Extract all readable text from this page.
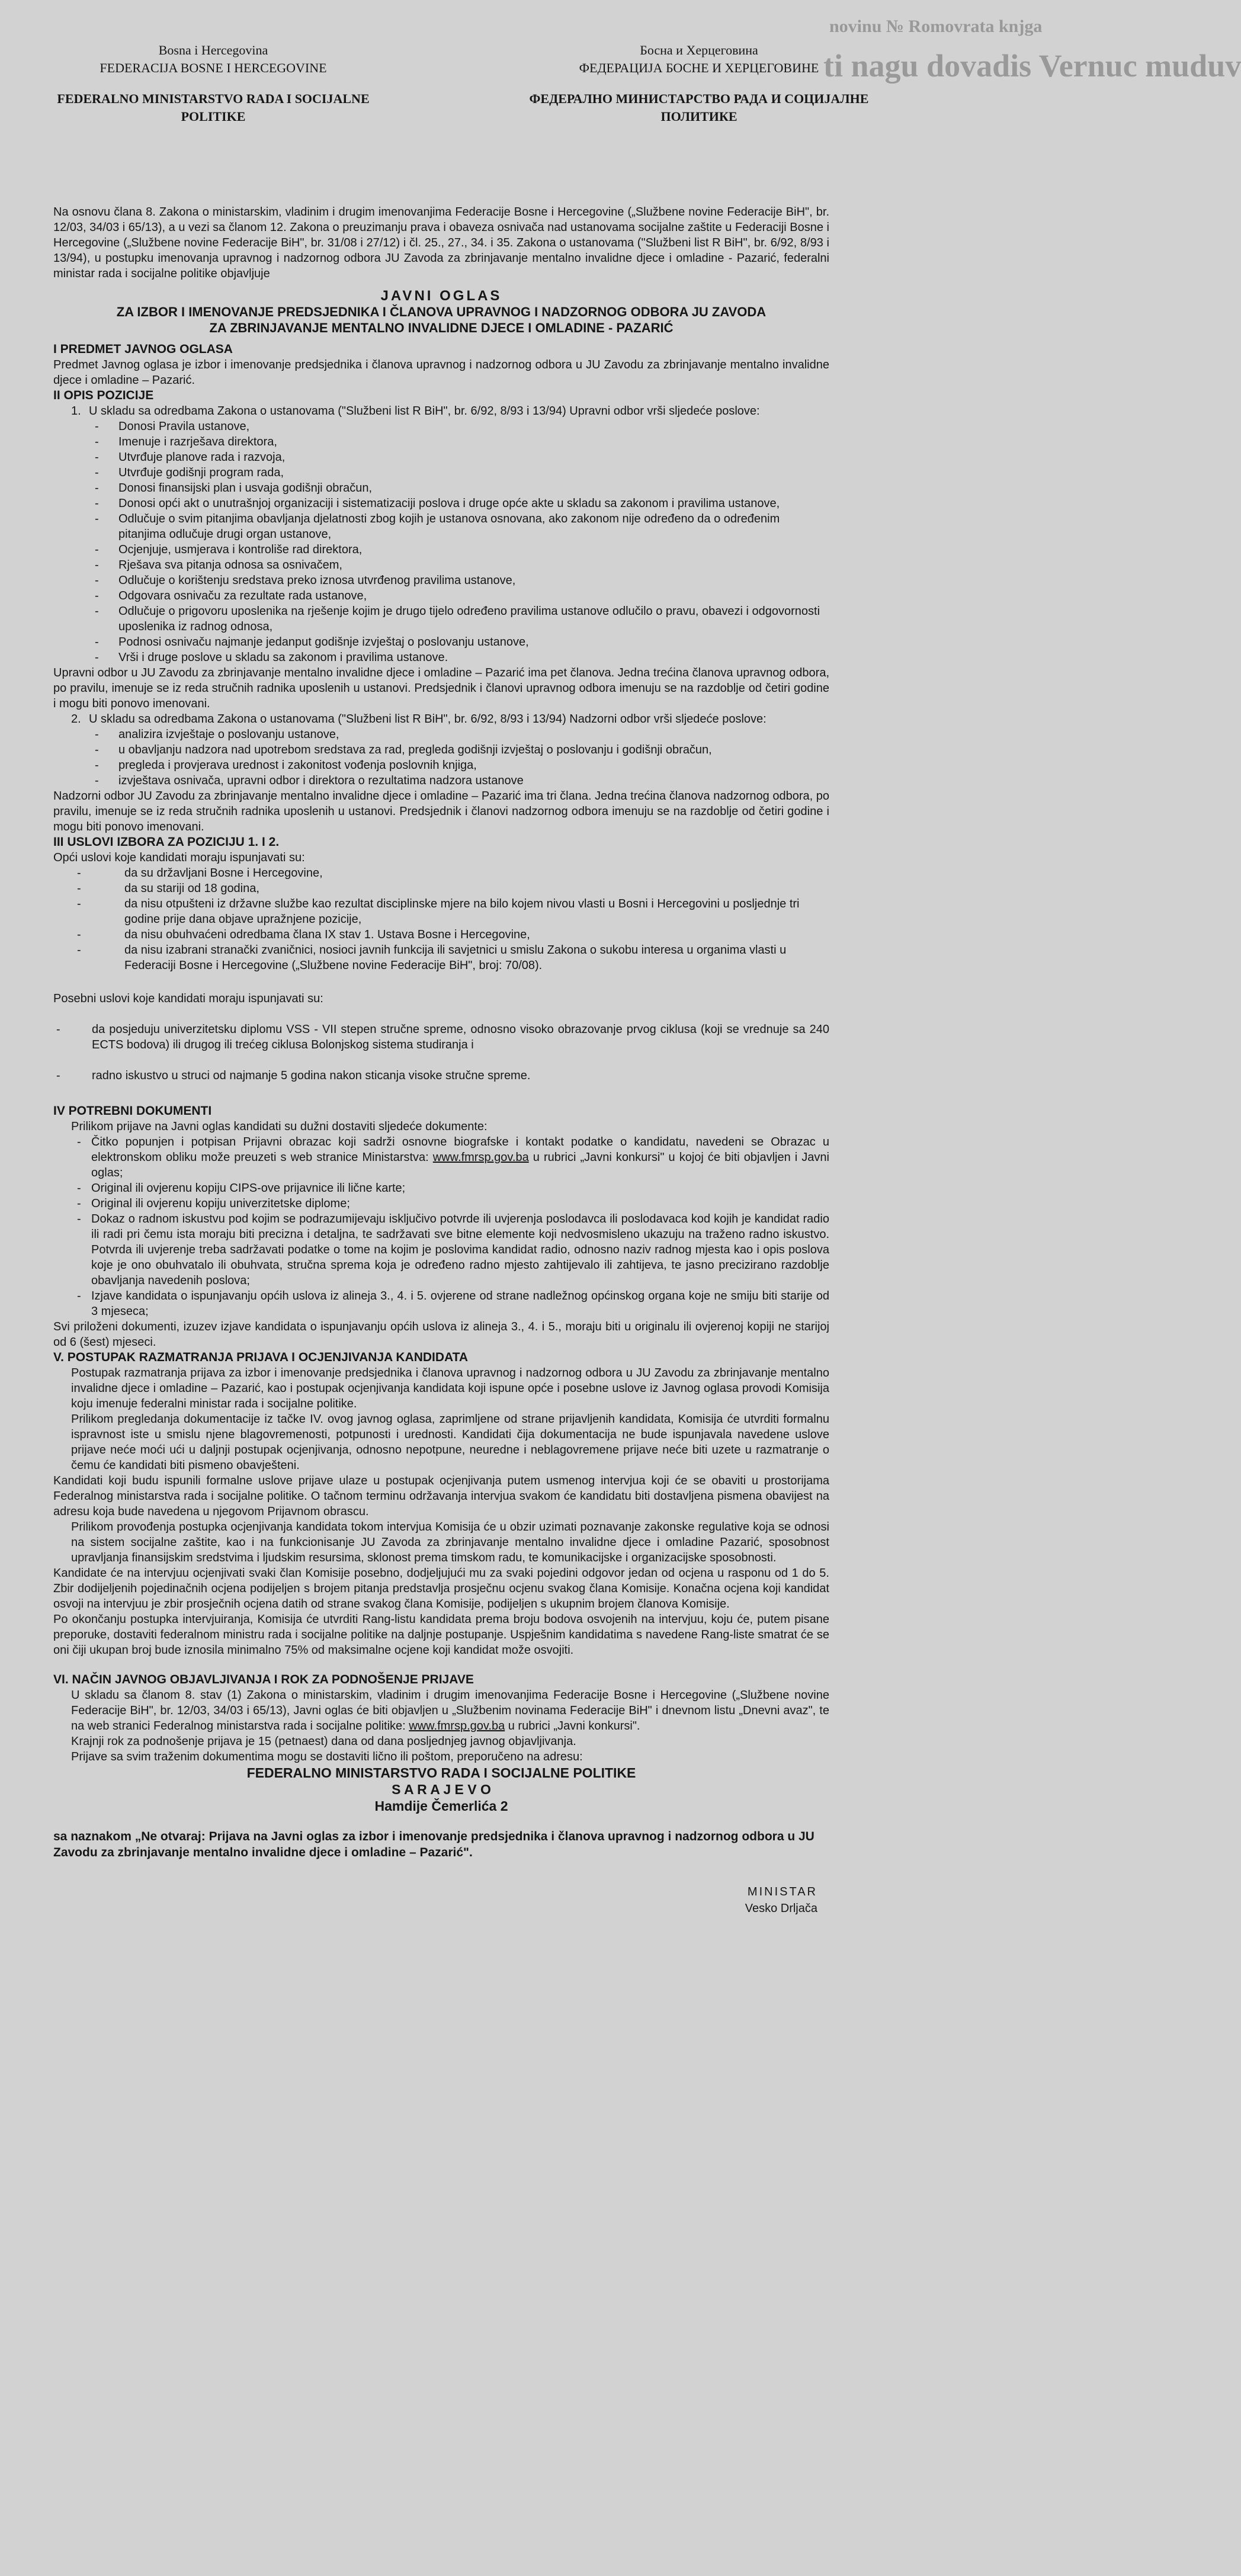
novinu № Romovrata knjga
ti nagu dovadis Vernuc muduv
Bosna i Hercegovina
FEDERACIJA BOSNE I HERCEGOVINE
FEDERALNO MINISTARSTVO RADA I SOCIJALNE POLITIKE
Босна и Херцеговина
ФЕДЕРАЦИЈА БОСНЕ И ХЕРЦЕГОВИНЕ
ФЕДЕРАЛНО МИНИСТАРСТВО РАДА И СОЦИЈАЛНЕ ПОЛИТИКЕ

Na osnovu člana 8. Zakona o ministarskim, vladinim i drugim imenovanjima Federacije Bosne i Hercegovine („Službene novine Federacije BiH", br. 12/03, 34/03 i 65/13), a u vezi sa članom 12. Zakona o preuzimanju prava i obaveza osnivača nad ustanovama socijalne zaštite u Federaciji Bosne i Hercegovine („Službene novine Federacije BiH", br. 31/08 i 27/12) i čl. 25., 27., 34. i 35. Zakona o ustanovama ("Službeni list R BiH", br. 6/92, 8/93 i 13/94), u postupku imenovanja upravnog i nadzornog odbora JU Zavoda za zbrinjavanje mentalno invalidne djece i omladine - Pazarić, federalni ministar rada i socijalne politike objavljuje

JAVNI OGLAS
ZA IZBOR I IMENOVANJE PREDSJEDNIKA I ČLANOVA UPRAVNOG I NADZORNOG ODBORA JU ZAVODA
ZA ZBRINJAVANJE MENTALNO INVALIDNE DJECE I OMLADINE - PAZARIĆ
I PREDMET JAVNOG OGLASA

Predmet Javnog oglasa je izbor i imenovanje predsjednika i članova upravnog i nadzornog odbora u JU Zavodu za zbrinjavanje mentalno invalidne djece i omladine – Pazarić.

II OPIS POZICIJE
1. U skladu sa odredbama Zakona o ustanovama ("Službeni list R BiH", br. 6/92, 8/93 i 13/94) Upravni odbor vrši sljedeće poslove:
-	Donosi Pravila ustanove,
-	Imenuje i razrješava direktora,
-	Utvrđuje planove rada i razvoja,
-	Utvrđuje godišnji program rada,
-	Donosi finansijski plan i usvaja godišnji obračun,
-	Donosi opći akt o unutrašnjoj organizaciji i sistematizaciji poslova i druge opće akte u skladu sa zakonom i pravilima ustanove,
-	Odlučuje o svim pitanjima obavljanja djelatnosti zbog kojih je ustanova osnovana, ako zakonom nije određeno da o određenim pitanjima odlučuje drugi organ ustanove,
-	Ocjenjuje, usmjerava i kontroliše rad direktora,
-	Rješava sva pitanja odnosa sa osnivačem,
-	Odlučuje o korištenju sredstava preko iznosa utvrđenog pravilima ustanove,
-	Odgovara osnivaču za rezultate rada ustanove,
-	Odlučuje o prigovoru uposlenika na rješenje kojim je drugo tijelo određeno pravilima ustanove odlučilo o pravu, obavezi i odgovornosti uposlenika iz radnog odnosa,
-	Podnosi osnivaču najmanje jedanput godišnje izvještaj o poslovanju ustanove,
-	Vrši i druge poslove u skladu sa zakonom i pravilima ustanove.

Upravni odbor u JU Zavodu za zbrinjavanje mentalno invalidne djece i omladine – Pazarić ima pet članova. Jedna trećina članova upravnog odbora, po pravilu, imenuje se iz reda stručnih radnika uposlenih u ustanovi. Predsjednik i članovi upravnog odbora imenuju se na razdoblje od četiri godine i mogu biti ponovo imenovani.

2. U skladu sa odredbama Zakona o ustanovama ("Službeni list R BiH", br. 6/92, 8/93 i 13/94) Nadzorni odbor vrši sljedeće poslove:
-	analizira izvještaje o poslovanju ustanove,
-	u obavljanju nadzora nad upotrebom sredstava za rad, pregleda godišnji izvještaj o poslovanju i godišnji obračun,
-	pregleda i provjerava urednost i zakonitost vođenja poslovnih knjiga,
-	izvještava osnivača, upravni odbor i direktora o rezultatima nadzora ustanove

Nadzorni odbor JU Zavodu za zbrinjavanje mentalno invalidne djece i omladine – Pazarić ima tri člana. Jedna trećina članova nadzornog odbora, po pravilu, imenuje se iz reda stručnih radnika uposlenih u ustanovi. Predsjednik i članovi nadzornog odbora imenuju se na razdoblje od četiri godine i mogu biti ponovo imenovani.

III USLOVI IZBORA ZA POZICIJU 1. I 2.

Opći uslovi koje kandidati moraju ispunjavati su:

-	da su državljani Bosne i Hercegovine,
-	da su stariji od 18 godina,
-	da nisu otpušteni iz državne službe kao rezultat disciplinske mjere na bilo kojem nivou vlasti u Bosni i Hercegovini u posljednje tri godine prije dana objave upražnjene pozicije,
-	da nisu obuhvaćeni odredbama člana IX stav 1. Ustava Bosne i Hercegovine,
-	da nisu izabrani stranački zvaničnici, nosioci javnih funkcija ili savjetnici u smislu Zakona o sukobu interesa u organima vlasti u Federaciji Bosne i Hercegovine („Službene novine Federacije BiH", broj: 70/08).

Posebni uslovi koje kandidati moraju ispunjavati su:

-	da posjeduju univerzitetsku diplomu VSS - VII stepen stručne spreme, odnosno visoko obrazovanje prvog ciklusa (koji se vrednuje sa 240 ECTS bodova) ili drugog ili trećeg ciklusa Bolonjskog sistema studiranja i
-	radno iskustvo u struci od najmanje 5 godina nakon sticanja visoke stručne spreme.
IV POTREBNI DOKUMENTI

Prilikom prijave na Javni oglas kandidati su dužni dostaviti sljedeće dokumente:

- Čitko popunjen i potpisan Prijavni obrazac koji sadrži osnovne biografske i kontakt podatke o kandidatu, navedeni se Obrazac u elektronskom obliku može preuzeti s web stranice Ministarstva: www.fmrsp.gov.ba u rubrici „Javni konkursi" u kojoj će biti objavljen i Javni oglas;
- Original ili ovjerenu kopiju CIPS-ove prijavnice ili lične karte;
- Original ili ovjerenu kopiju univerzitetske diplome;
- Dokaz o radnom iskustvu pod kojim se podrazumijevaju isključivo potvrde ili uvjerenja poslodavca ili poslodavaca kod kojih je kandidat radio ili radi pri čemu ista moraju biti precizna i detaljna, te sadržavati sve bitne elemente koji nedvosmisleno ukazuju na traženo radno iskustvo. Potvrda ili uvjerenje treba sadržavati podatke o tome na kojim je poslovima kandidat radio, odnosno naziv radnog mjesta kao i opis poslova koje je ono obuhvatalo ili obuhvata, stručna sprema koja je određeno radno mjesto zahtijevalo ili zahtijeva, te jasno precizirano razdoblje obavljanja navedenih poslova;
- Izjave kandidata o ispunjavanju općih uslova iz alineja 3., 4. i 5. ovjerene od strane nadležnog općinskog organa koje ne smiju biti starije od 3 mjeseca;

Svi priloženi dokumenti, izuzev izjave kandidata o ispunjavanju općih uslova iz alineja 3., 4. i 5., moraju biti u originalu ili ovjerenoj kopiji ne starijoj od 6 (šest) mjeseci.

V. POSTUPAK RAZMATRANJA PRIJAVA I OCJENJIVANJA KANDIDATA

Postupak razmatranja prijava za izbor i imenovanje predsjednika i članova upravnog i nadzornog odbora u JU Zavodu za zbrinjavanje mentalno invalidne djece i omladine – Pazarić, kao i postupak ocjenjivanja kandidata koji ispune opće i posebne uslove iz Javnog oglasa provodi Komisija koju imenuje federalni ministar rada i socijalne politike.

Prilikom pregledanja dokumentacije iz tačke IV. ovog javnog oglasa, zaprimljene od strane prijavljenih kandidata, Komisija će utvrditi formalnu ispravnost iste u smislu njene blagovremenosti, potpunosti i urednosti. Kandidati čija dokumentacija ne bude ispunjavala navedene uslove prijave neće moći ući u daljnji postupak ocjenjivanja, odnosno nepotpune, neuredne i neblagovremene prijave neće biti uzete u razmatranje o čemu će kandidati biti pismeno obavješteni.

Kandidati koji budu ispunili formalne uslove prijave ulaze u postupak ocjenjivanja putem usmenog intervjua koji će se obaviti u prostorijama Federalnog ministarstva rada i socijalne politike. O tačnom terminu održavanja intervjua svakom će kandidatu biti dostavljena pismena obavijest na adresu koja bude navedena u njegovom Prijavnom obrascu.

Prilikom provođenja postupka ocjenjivanja kandidata tokom intervjua Komisija će u obzir uzimati poznavanje zakonske regulative koja se odnosi na sistem socijalne zaštite, kao i na funkcionisanje JU Zavoda za zbrinjavanje mentalno invalidne djece i omladine Pazarić, sposobnost upravljanja finansijskim sredstvima i ljudskim resursima, sklonost prema timskom radu, te komunikacijske i organizacijske sposobnosti.

Kandidate će na intervjuu ocjenjivati svaki član Komisije posebno, dodjeljujući mu za svaki pojedini odgovor jedan od ocjena u rasponu od 1 do 5. Zbir dodijeljenih pojedinačnih ocjena podijeljen s brojem pitanja predstavlja prosječnu ocjenu svakog člana Komisije. Konačna ocjena koji kandidat osvoji na intervjuu je zbir prosječnih ocjena datih od strane svakog člana Komisije, podijeljen s ukupnim brojem članova Komisije.

Po okončanju postupka intervjuiranja, Komisija će utvrditi Rang-listu kandidata prema broju bodova osvojenih na intervjuu, koju će, putem pisane preporuke, dostaviti federalnom ministru rada i socijalne politike na daljnje postupanje. Uspješnim kandidatima s navedene Rang-liste smatrat će se oni čiji ukupan broj bude iznosila minimalno 75% od maksimalne ocjene koji kandidat može osvojiti.

VI. NAČIN JAVNOG OBJAVLJIVANJA I ROK ZA PODNOŠENJE PRIJAVE

U skladu sa članom 8. stav (1) Zakona o ministarskim, vladinim i drugim imenovanjima Federacije Bosne i Hercegovine („Službene novine Federacije BiH", br. 12/03, 34/03 i 65/13), Javni oglas će biti objavljen u „Službenim novinama Federacije BiH" i dnevnom listu „Dnevni avaz", te na web stranici Federalnog ministarstva rada i socijalne politike: www.fmrsp.gov.ba u rubrici „Javni konkursi".

Krajnji rok za podnošenje prijava je 15 (petnaest) dana od dana posljednjeg javnog objavljivanja.

Prijave sa svim traženim dokumentima mogu se dostaviti lično ili poštom, preporučeno na adresu:

FEDERALNO MINISTARSTVO RADA I SOCIJALNE POLITIKE
S A R A J E V O
Hamdije Čemerlića 2

sa naznakom „Ne otvaraj: Prijava na Javni oglas za izbor i imenovanje predsjednika i članova upravnog i nadzornog odbora u JU Zavodu za zbrinjavanje mentalno invalidne djece i omladine – Pazarić".

MINISTAR
Vesko Drljača
